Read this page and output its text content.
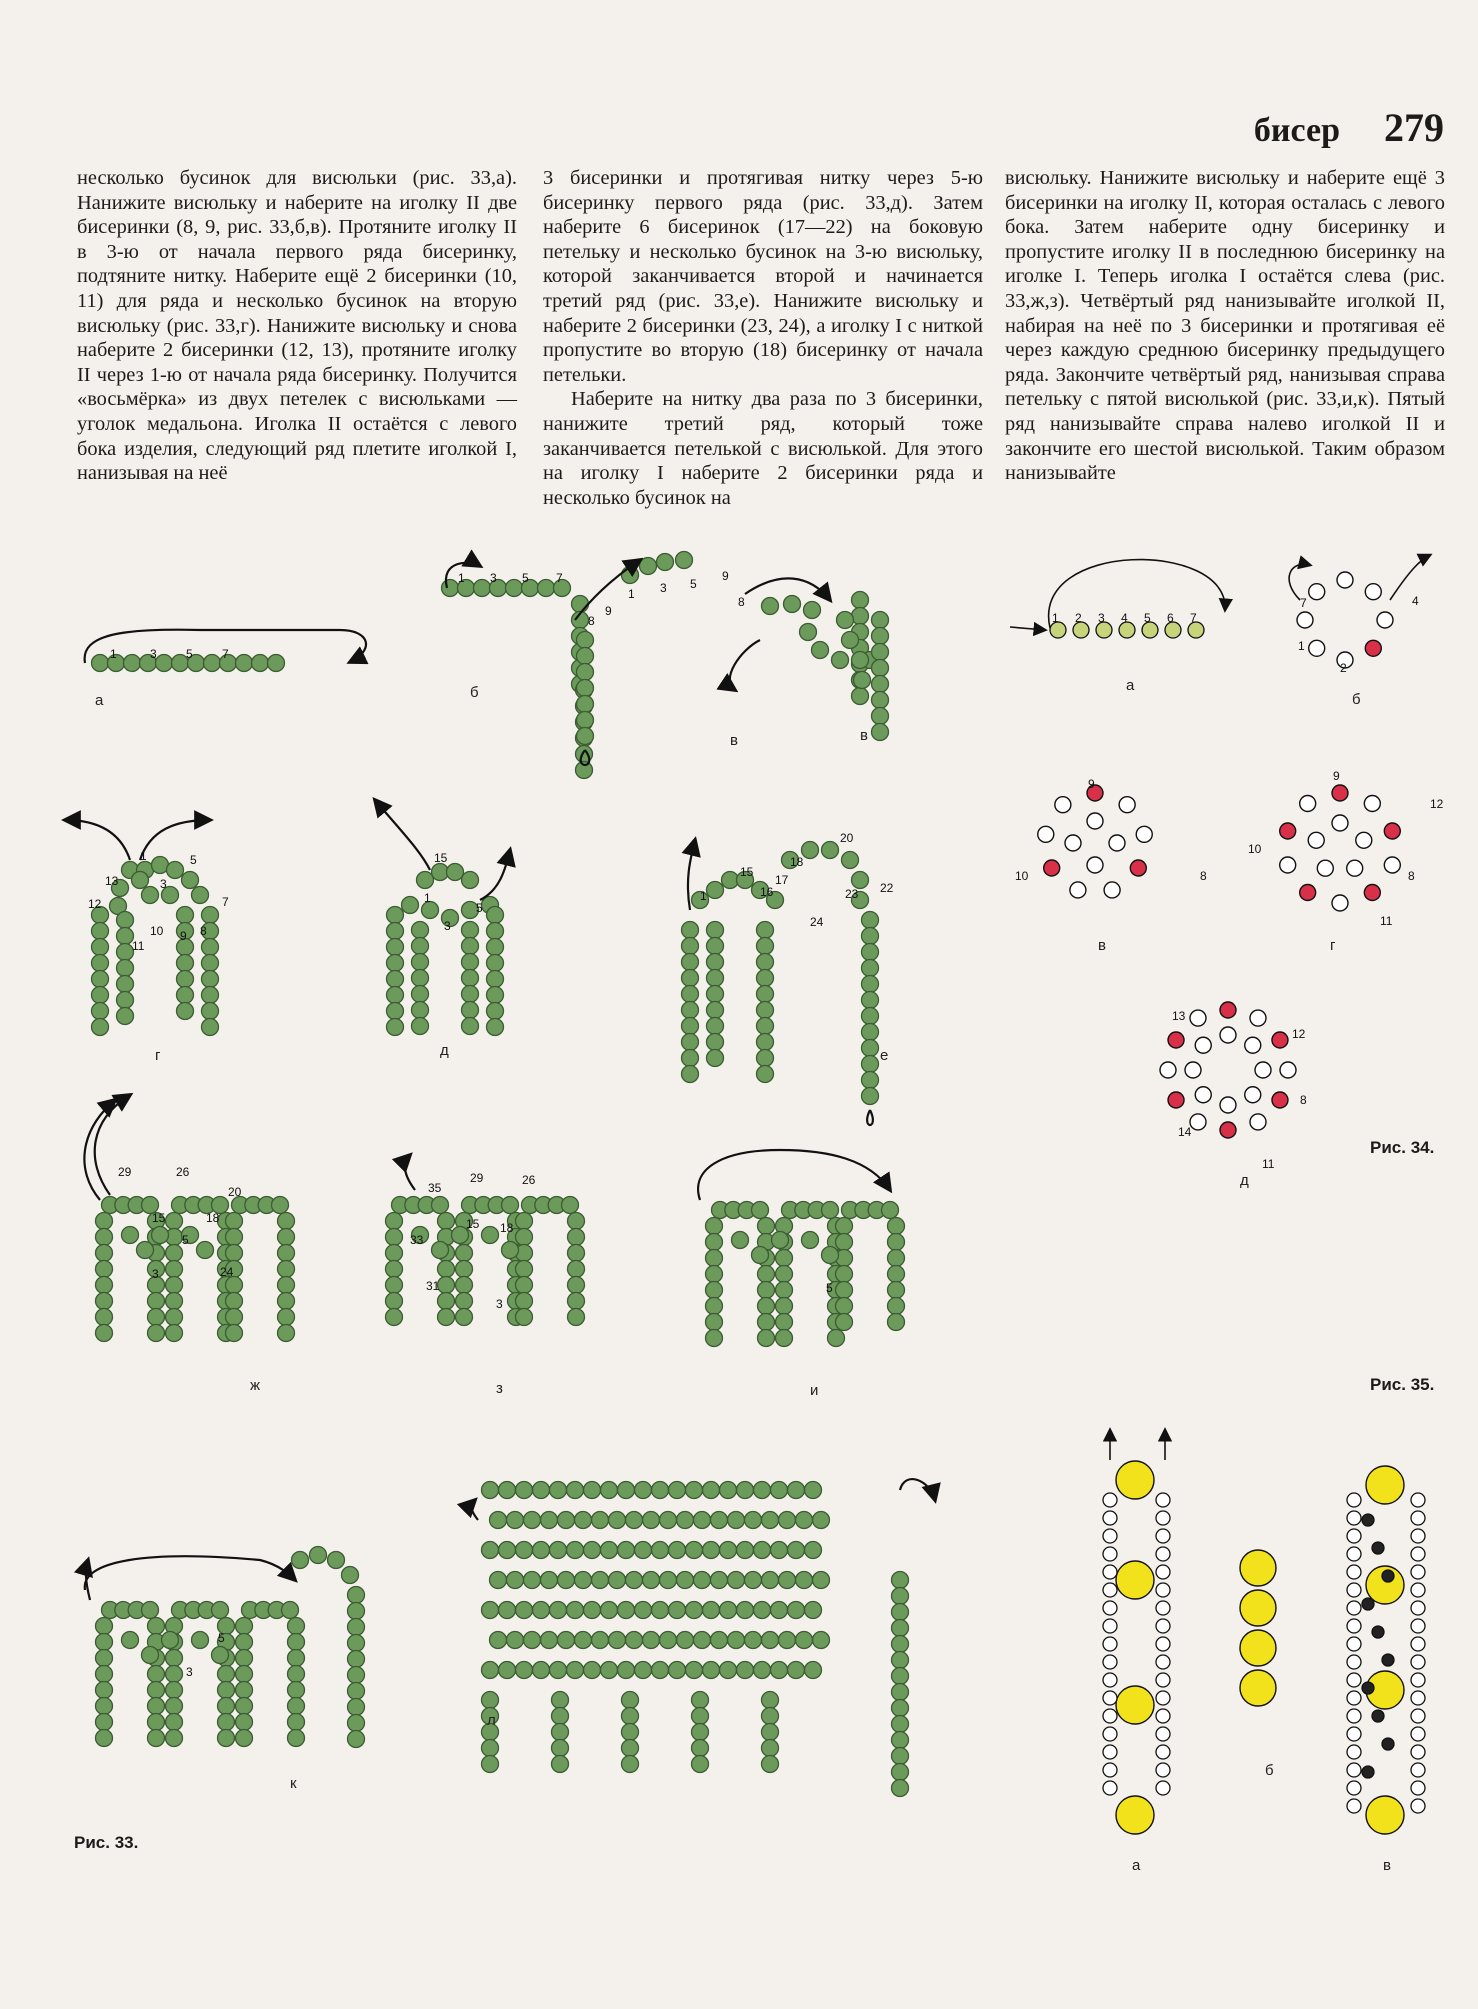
бисер 279

несколько бусинок для висюльки (рис. 33,а). Нанижите висюльку и наберите на иголку II две бисеринки (8, 9, рис. 33,б,в). Протяните иголку II в 3-ю от начала первого ряда бисеринку, подтяните нитку. Наберите ещё 2 бисеринки (10, 11) для ряда и несколько бусинок на вторую висюльку (рис. 33,г). Нанижите висюльку и снова наберите 2 бисеринки (12, 13), протяните иголку II через 1-ю от начала ряда бисеринку. Получится «восьмёрка» из двух петелек с висюльками — уголок медальона. Иголка II остаётся с левого бока изделия, следующий ряд плетите иголкой I, нанизывая на неё

3 бисеринки и протягивая нитку через 5-ю бисеринку первого ряда (рис. 33,д). Затем наберите 6 бисеринок (17—22) на боковую петельку и несколько бусинок на 3-ю висюльку, которой заканчивается второй и начинается третий ряд (рис. 33,е). Нанижите висюльку и наберите 2 бисеринки (23, 24), а иголку I с ниткой пропустите во вторую (18) бисеринку от начала петельки.

Наберите на нитку два раза по 3 бисеринки, нанижите третий ряд, который тоже заканчивается петелькой с висюлькой. Для этого на иголку I наберите 2 бисеринки ряда и несколько бусинок на

висюльку. Нанижите висюльку и наберите ещё 3 бисеринки на иголку II, которая осталась с левого бока. Затем наберите одну бисеринку и пропустите иголку II в последнюю бисеринку на иголке I. Теперь иголка I остаётся слева (рис. 33,ж,з). Четвёртый ряд нанизывайте иголкой II, набирая на неё по 3 бисеринки и протягивая её через каждую среднюю бисеринку предыдущего ряда. Закончите четвёртый ряд, нанизывая справа петельку с пятой висюлькой (рис. 33,и,к). Пятый ряд нанизывайте справа налево иголкой II и закончите его шестой висюлькой. Таким образом нанизывайте

1	3 5 7
а
1 3 5 7
8
9
б
1 3 5
9
8
в
в
1
3
5
7
8
9
10
11
12
13
г
15
1
3
5
д
1
15
16
17
18
20
22
23
24
е
29	26
20
15
5
18
3	24
ж
35
29	26
33
15 18
31
3
з
5
и
5
3
к
л
1 2 3 4 5 6 7
а
7	4
1
2
б
9
10	8
в
9
12
10
8
11
г
13
12
8
14
11
д
а
б
в
Рис. 33.
Рис. 34.
Рис. 35.
